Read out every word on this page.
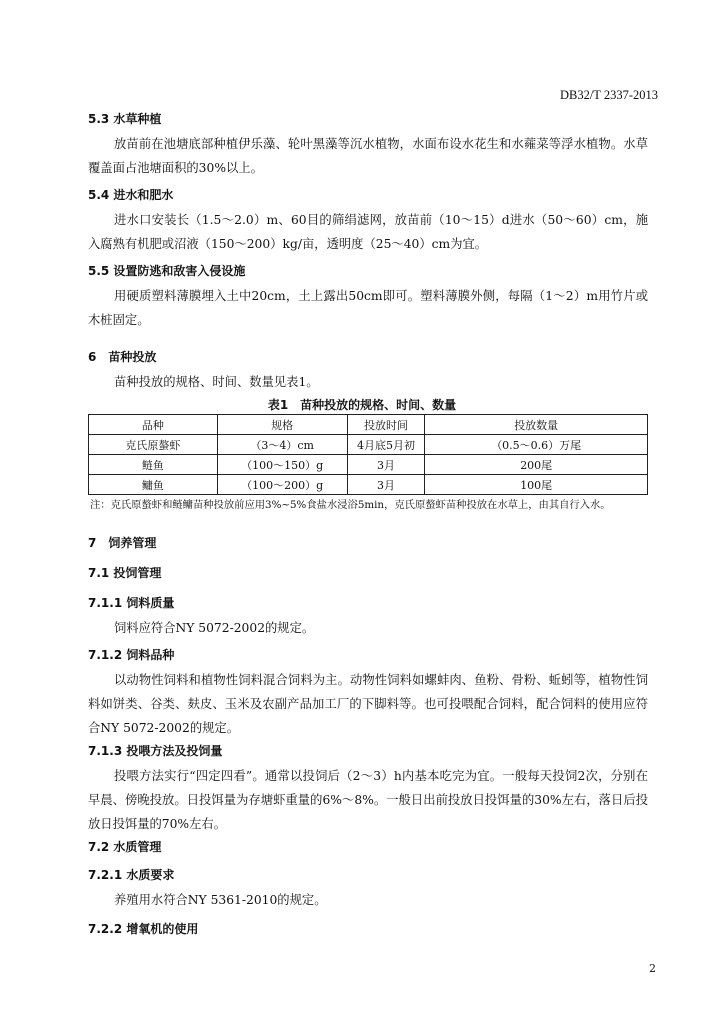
DB32/T 2337-2013
5.3 水草种植
放苗前在池塘底部种植伊乐藻、轮叶黑藻等沉水植物，水面布设水花生和水蕹菜等浮水植物。水草覆盖面占池塘面积的30%以上。
5.4 进水和肥水
进水口安装长（1.5～2.0）m、60目的筛绢滤网，放苗前（10～15）d进水（50～60）cm，施入腐熟有机肥或沼液（150～200）kg/亩，透明度（25～40）cm为宜。
5.5 设置防逃和敌害入侵设施
用硬质塑料薄膜埋入土中20cm，土上露出50cm即可。塑料薄膜外侧，每隔（1～2）m用竹片或木桩固定。
6　苗种投放
苗种投放的规格、时间、数量见表1。
表1　苗种投放的规格、时间、数量
品种	规格	投放时间	投放数量
克氏原螯虾	（3～4）cm	4月底5月初	（0.5～0.6）万尾
鲢鱼	（100～150）g	3月	200尾
鳙鱼	（100～200）g	3月	100尾
注：克氏原螯虾和鲢鳙苗种投放前应用3%~5%食盐水浸浴5min，克氏原螯虾苗种投放在水草上，由其自行入水。
7　饲养管理
7.1 投饲管理
7.1.1 饲料质量
饲料应符合NY 5072-2002的规定。
7.1.2 饲料品种
以动物性饲料和植物性饲料混合饲料为主。动物性饲料如螺蚌肉、鱼粉、骨粉、蚯蚓等，植物性饲料如饼类、谷类、麸皮、玉米及农副产品加工厂的下脚料等。也可投喂配合饲料，配合饲料的使用应符合NY 5072-2002的规定。
7.1.3 投喂方法及投饲量
投喂方法实行“四定四看”。通常以投饲后（2～3）h内基本吃完为宜。一般每天投饲2次，分别在早晨、傍晚投放。日投饵量为存塘虾重量的6%～8%。一般日出前投放日投饵量的30%左右，落日后投放日投饵量的70%左右。
7.2 水质管理
7.2.1 水质要求
养殖用水符合NY 5361-2010的规定。
7.2.2 增氧机的使用
2
